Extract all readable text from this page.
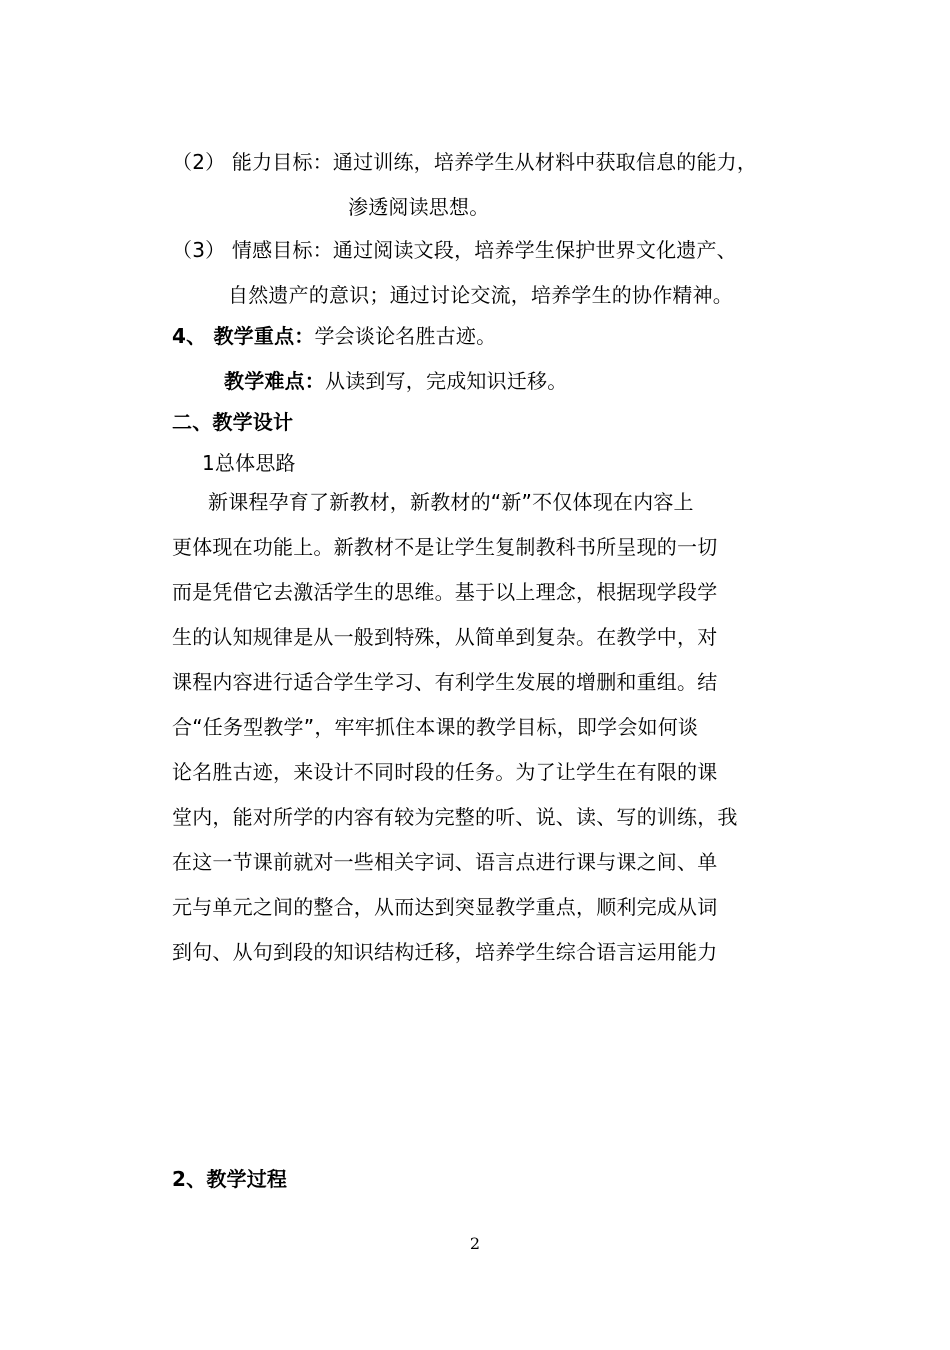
（2） 能力目标：通过训练，培养学生从材料中获取信息的能力，
渗透阅读思想。
（3） 情感目标：通过阅读文段，培养学生保护世界文化遗产、
自然遗产的意识；通过讨论交流，培养学生的协作精神。
4、 教学重点：学会谈论名胜古迹。
教学难点：从读到写，完成知识迁移。
二、教学设计
1总体思路
新课程孕育了新教材，新教材的“新”不仅体现在内容上
更体现在功能上。新教材不是让学生复制教科书所呈现的一切
而是凭借它去激活学生的思维。基于以上理念，根据现学段学
生的认知规律是从一般到特殊，从简单到复杂。在教学中，对
课程内容进行适合学生学习、有利学生发展的增删和重组。结
合“任务型教学”，牢牢抓住本课的教学目标，即学会如何谈
论名胜古迹，来设计不同时段的任务。为了让学生在有限的课
堂内，能对所学的内容有较为完整的听、说、读、写的训练，我
在这一节课前就对一些相关字词、语言点进行课与课之间、单
元与单元之间的整合，从而达到突显教学重点，顺利完成从词
到句、从句到段的知识结构迁移，培养学生综合语言运用能力
2、教学过程
2
